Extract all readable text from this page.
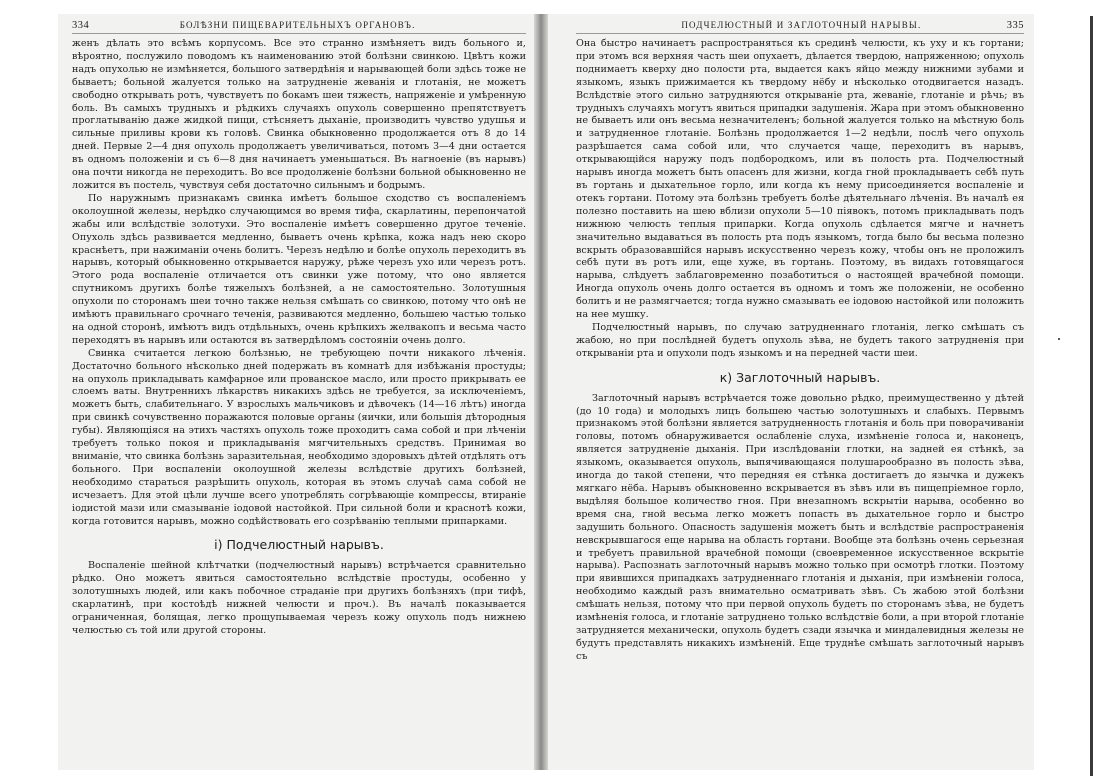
334	БОЛѢЗНИ ПИЩЕВАРИТЕЛЬНЫХЪ ОРГАНОВЪ.

женъ дѣлать это всѣмъ корпусомъ. Все это странно измѣняетъ видъ больного и, вѣроятно, послужило поводомъ къ наименованию этой болѣзни свинкою. Цвѣтъ кожи надъ опухолью не измѣняется, большого затвердѣнія и нарывающей боли здѣсь тоже не бываетъ; больной жалуется только на затрудненіе жеванія и глотанія, не можетъ свободно открывать ротъ, чувствуетъ по бокамъ шеи тяжесть, напряженіе и умѣренную боль. Въ самыхъ трудныхъ и рѣдкихъ случаяхъ опухоль совершенно препятствуетъ проглатыванію даже жидкой пищи, стѣсняетъ дыханіе, производитъ чувство удушья и сильные приливы крови къ головѣ. Свинка обыкновенно продолжается отъ 8 до 14 дней. Первые 2—4 дня опухоль продолжаетъ увеличиваться, потомъ 3—4 дни остается въ одномъ положеніи и съ 6—8 дня начинаетъ уменьшаться. Въ нагноеніе (въ нарывъ) она почти никогда не переходитъ. Во все продолженіе болѣзни больной обыкновенно не ложится въ постель, чувствуя себя достаточно сильнымъ и бодрымъ.

По наружнымъ признакамъ свинка имѣетъ большое сходство съ воспаленіемъ околоушной железы, нерѣдко случающимся во время тифа, скарлатины, перепончатой жабы или вслѣдствіе золотухи. Это воспаленіе имѣетъ совершенно другое теченіе. Опухоль здѣсь развивается медленно, бываетъ очень крѣпка, кожа надъ нею скоро краснѣетъ, при нажиманіи очень болитъ. Черезъ недѣлю и болѣе опухоль переходитъ въ нарывъ, который обыкновенно открывается наружу, рѣже черезъ ухо или черезъ ротъ. Этого рода воспаленіе отличается отъ свинки уже потому, что оно является спутникомъ другихъ болѣе тяжелыхъ болѣзней, а не самостоятельно. Золотушныя опухоли по сторонамъ шеи точно также нельзя смѣшать со свинкою, потому что онѣ не имѣютъ правильнаго срочнаго теченія, развиваются медленно, большею частью только на одной сторонѣ, имѣютъ видъ отдѣльныхъ, очень крѣпкихъ желвакопъ и весьма часто переходятъ въ нарывъ или остаются въ затвердѣломъ состояніи очень долго.

Свинка считается легкою болѣзнью, не требующею почти никакого лѣченія. Достаточно больного нѣсколько дней подержать въ комнатѣ для избѣжанія простуды; на опухоль прикладывать камфарное или прованское масло, или просто прикрывать ее слоемъ ваты. Внутреннихъ лѣкарствъ никакихъ здѣсь не требуется, за исключеніемъ, можетъ быть, слабительнаго. У взрослыхъ мальчиковъ и дѣвочекъ (14—16 лѣтъ) иногда при свинкѣ сочувственно поражаются половые органы (яички, или большія дѣтородныя губы). Являющіяся на этихъ частяхъ опухоль тоже проходитъ сама собой и при лѣченіи требуетъ только покоя и прикладыванія мягчительныхъ средствъ. Принимая во вниманіе, что свинка болѣзнь заразительная, необходимо здоровыхъ дѣтей отдѣлять отъ больного. При воспаленіи околоушной железы вслѣдствіе другихъ болѣзней, необходимо стараться разрѣшить опухоль, которая въ этомъ случаѣ сама собой не исчезаетъ. Для этой цѣли лучше всего употреблять согрѣвающіе компрессы, втираніе іодистой мази или смазываніе іодовой настойкой. При сильной боли и краснотѣ кожи, когда готовится нарывъ, можно содѣйствовать его созрѣванію теплыми припарками.

i) Подчелюстный нарывъ.

Воспаленіе шейной клѣтчатки (подчелюстный нарывъ) встрѣчается сравнительно рѣдко. Оно можетъ явиться самостоятельно вслѣдствіе простуды, особенно у золотушныхъ людей, или какъ побочное страданіе при другихъ болѣзняхъ (при тифѣ, скарлатинѣ, при костоѣдѣ нижней челюсти и проч.). Въ началѣ показывается ограниченная, болящая, легко прощупываемая черезъ кожу опухоль подъ нижнею челюстью съ той или другой стороны.

ПОДЧЕЛЮСТНЫЙ И ЗАГЛОТОЧНЫЙ НАРЫВЫ.	335

Она быстро начинаетъ распространяться къ срединѣ челюсти, къ уху и къ гортани; при этомъ вся верхняя часть шеи опухаетъ, дѣлается твердою, напряженною; опухоль поднимаетъ кверху дно полости рта, выдается какъ яйцо между нижними зубами и языкомъ, языкъ прижимается къ твердому нёбу и нѣсколько отодвигается назадъ. Вслѣдствіе этого сильно затрудняются открываніе рта, жеваніе, глотаніе и рѣчь; въ трудныхъ случаяхъ могутъ явиться припадки задушенія. Жара при этомъ обыкновенно не бываетъ или онъ весьма незначителенъ; больной жалуется только на мѣстную боль и затрудненное глотаніе. Болѣзнь продолжается 1—2 недѣли, послѣ чего опухоль разрѣшается сама собой или, что случается чаще, переходитъ въ нарывъ, открывающійся наружу подъ подбородкомъ, или въ полость рта. Подчелюстный нарывъ иногда можетъ быть опасенъ для жизни, когда гной прокладываетъ себѣ путь въ гортань и дыхательное горло, или когда къ нему присоединяется воспаленіе и отекъ гортани. Потому эта болѣзнь требуетъ болѣе дѣятельнаго лѣченія. Въ началѣ ея полезно поставить на шею вблизи опухоли 5—10 піявокъ, потомъ прикладывать подъ нижнюю челюсть теплыя припарки. Когда опухоль сдѣлается мягче и начнетъ значительно выдаваться въ полость рта подъ языкомъ, тогда было бы весьма полезно вскрыть образовавшійся нарывъ искусственно черезъ кожу, чтобы онъ не проложилъ себѣ пути въ ротъ или, еще хуже, въ гортань. Поэтому, въ видахъ готовящагося нарыва, слѣдуетъ заблаговременно позаботиться о настоящей врачебной помощи. Иногда опухоль очень долго остается въ одномъ и томъ же положеніи, не особенно болитъ и не размягчается; тогда нужно смазывать ее іодовою настойкой или положить на нее мушку.

Подчелюстный нарывъ, по случаю затрудненнаго глотанія, легко смѣшать съ жабою, но при послѣдней будетъ опухоль зѣва, не будетъ такого затрудненія при открываніи рта и опухоли подъ языкомъ и на передней части шеи.

к) Заглоточный нарывъ.

Заглоточный нарывъ встрѣчается тоже довольно рѣдко, преимущественно у дѣтей (до 10 года) и молодыхъ лицъ большею частью золотушныхъ и слабыхъ. Первымъ признакомъ этой болѣзни является затрудненность глотанія и боль при поворачиваніи головы, потомъ обнаруживается ослабленіе слуха, измѣненіе голоса и, наконецъ, является затрудненіе дыханія. При изслѣдованіи глотки, на задней ея стѣнкѣ, за языкомъ, оказывается опухоль, выпячивающаяся полушарообразно въ полость зѣва, иногда до такой степени, что передняя ея стѣнка достигаетъ до язычка и дужекъ мягкаго нёба. Нарывъ обыкновенно вскрывается въ зѣвъ или въ пищепріемное горло, выдѣляя большое количество гноя. При внезапномъ вскрытіи нарыва, особенно во время сна, гной весьма легко можетъ попасть въ дыхательное горло и быстро задушить больного. Опасность задушенія можетъ быть и вслѣдствіе распространенія невскрывшагося еще нарыва на область гортани. Вообще эта болѣзнь очень серьезная и требуетъ правильной врачебной помощи (своевременное искусственное вскрытіе нарыва). Распознать заглоточный нарывъ можно только при осмотрѣ глотки. Поэтому при явившихся припадкахъ затрудненнаго глотанія и дыханія, при измѣненіи голоса, необходимо каждый разъ внимательно осматривать зѣвъ. Съ жабою этой болѣзни смѣшать нельзя, потому что при первой опухоль будетъ по сторонамъ зѣва, не будетъ измѣненія голоса, и глотаніе затруднено только вслѣдствіе боли, а при второй глотаніе затрудняется механически, опухоль будетъ сзади язычка и миндалевидныя железы не будутъ представлять никакихъ измѣненій. Еще труднѣе смѣшать заглоточный нарывъ съ
